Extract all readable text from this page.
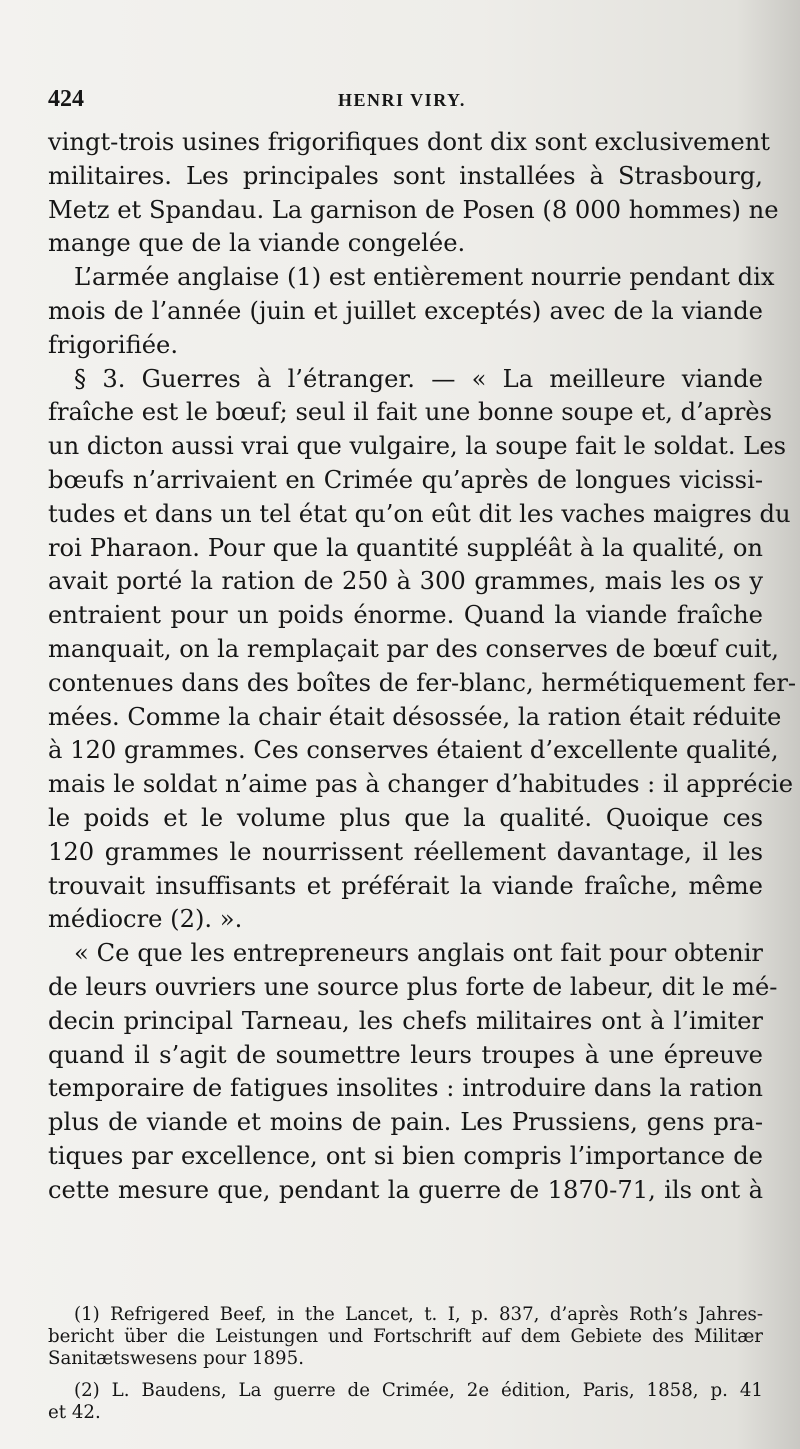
424	HENRI VIRY.
vingt-trois usines frigorifiques dont dix sont exclusivement
militaires. Les principales sont installées à Strasbourg,
Metz et Spandau. La garnison de Posen (8 000 hommes) ne
mange que de la viande congelée.
L’armée anglaise (1) est entièrement nourrie pendant dix
mois de l’année (juin et juillet exceptés) avec de la viande
frigorifiée.
§ 3. Guerres à l’étranger. — « La meilleure viande
fraîche est le bœuf; seul il fait une bonne soupe et, d’après
un dicton aussi vrai que vulgaire, la soupe fait le soldat. Les
bœufs n’arrivaient en Crimée qu’après de longues vicissi-
tudes et dans un tel état qu’on eût dit les vaches maigres du
roi Pharaon. Pour que la quantité suppléât à la qualité, on
avait porté la ration de 250 à 300 grammes, mais les os y
entraient pour un poids énorme. Quand la viande fraîche
manquait, on la remplaçait par des conserves de bœuf cuit,
contenues dans des boîtes de fer-blanc, hermétiquement fer-
mées. Comme la chair était désossée, la ration était réduite
à 120 grammes. Ces conserves étaient d’excellente qualité,
mais le soldat n’aime pas à changer d’habitudes : il apprécie
le poids et le volume plus que la qualité. Quoique ces
120 grammes le nourrissent réellement davantage, il les
trouvait insuffisants et préférait la viande fraîche, même
médiocre (2). ».
« Ce que les entrepreneurs anglais ont fait pour obtenir
de leurs ouvriers une source plus forte de labeur, dit le mé-
decin principal Tarneau, les chefs militaires ont à l’imiter
quand il s’agit de soumettre leurs troupes à une épreuve
temporaire de fatigues insolites : introduire dans la ration
plus de viande et moins de pain. Les Prussiens, gens pra-
tiques par excellence, ont si bien compris l’importance de
cette mesure que, pendant la guerre de 1870-71, ils ont à
(1) Refrigered Beef, in the Lancet, t. I, p. 837, d’après Roth’s Jahres-
bericht über die Leistungen und Fortschrift auf dem Gebiete des Militær
Sanitætswesens pour 1895.
(2) L. Baudens, La guerre de Crimée, 2e édition, Paris, 1858, p. 41
et 42.
